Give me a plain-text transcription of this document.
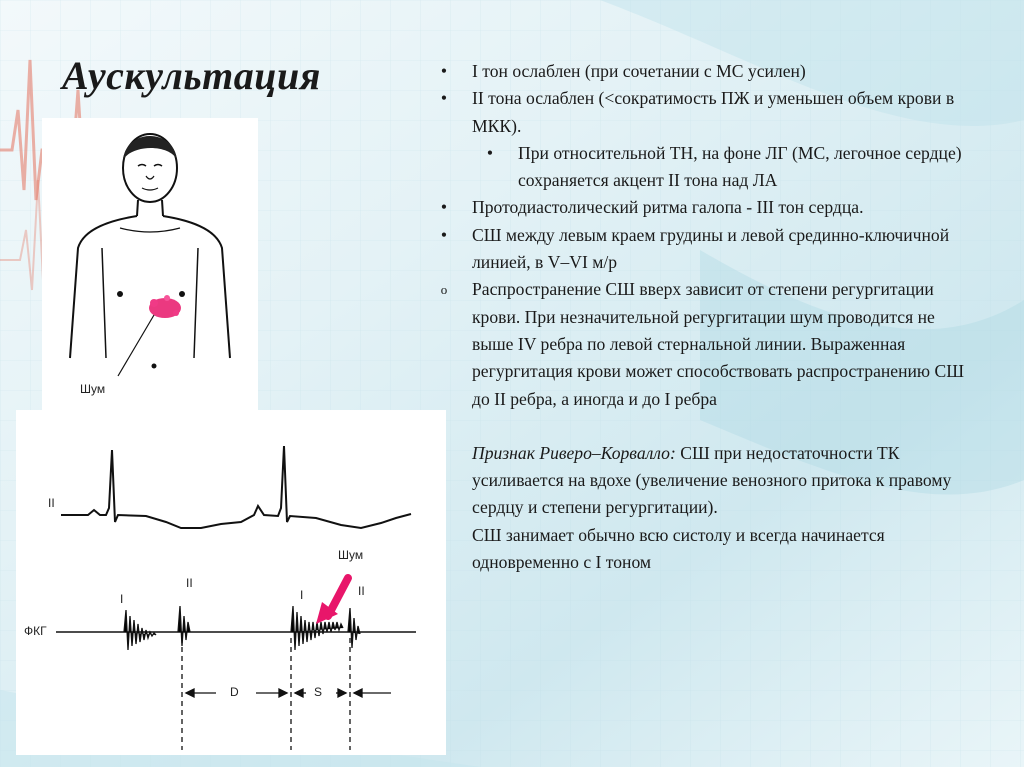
Аускультация
Шум
II
ФКГ
Шум
I
II
I	II
D	S
•	I тон ослаблен (при сочетании с МС усилен)
•	II тона ослаблен (<сократимость ПЖ и уменьшен объем крови в МКК).
•	При относительной ТН, на фоне ЛГ (МС, легочное сердце) сохраняется акцент II тона над ЛА
•	Протодиастолический ритма галопа - III тон сердца.
•	СШ между левым краем грудины и левой срединно-ключичной линией, в V–VI м/р
o	Распространение СШ вверх зависит от степени регургитации крови. При незначительной регургитации шум проводится не выше IV ребра по левой стернальной линии. Выраженная регургитация крови может способствовать распространению СШ до II ребра, а иногда и до I ребра
Признак Риверо–Корвалло: СШ при недостаточности ТК усиливается на вдохе (увеличение венозного притока к правому сердцу и степени регургитации).
СШ занимает обычно всю систолу и всегда начинается одновременно с I тоном
